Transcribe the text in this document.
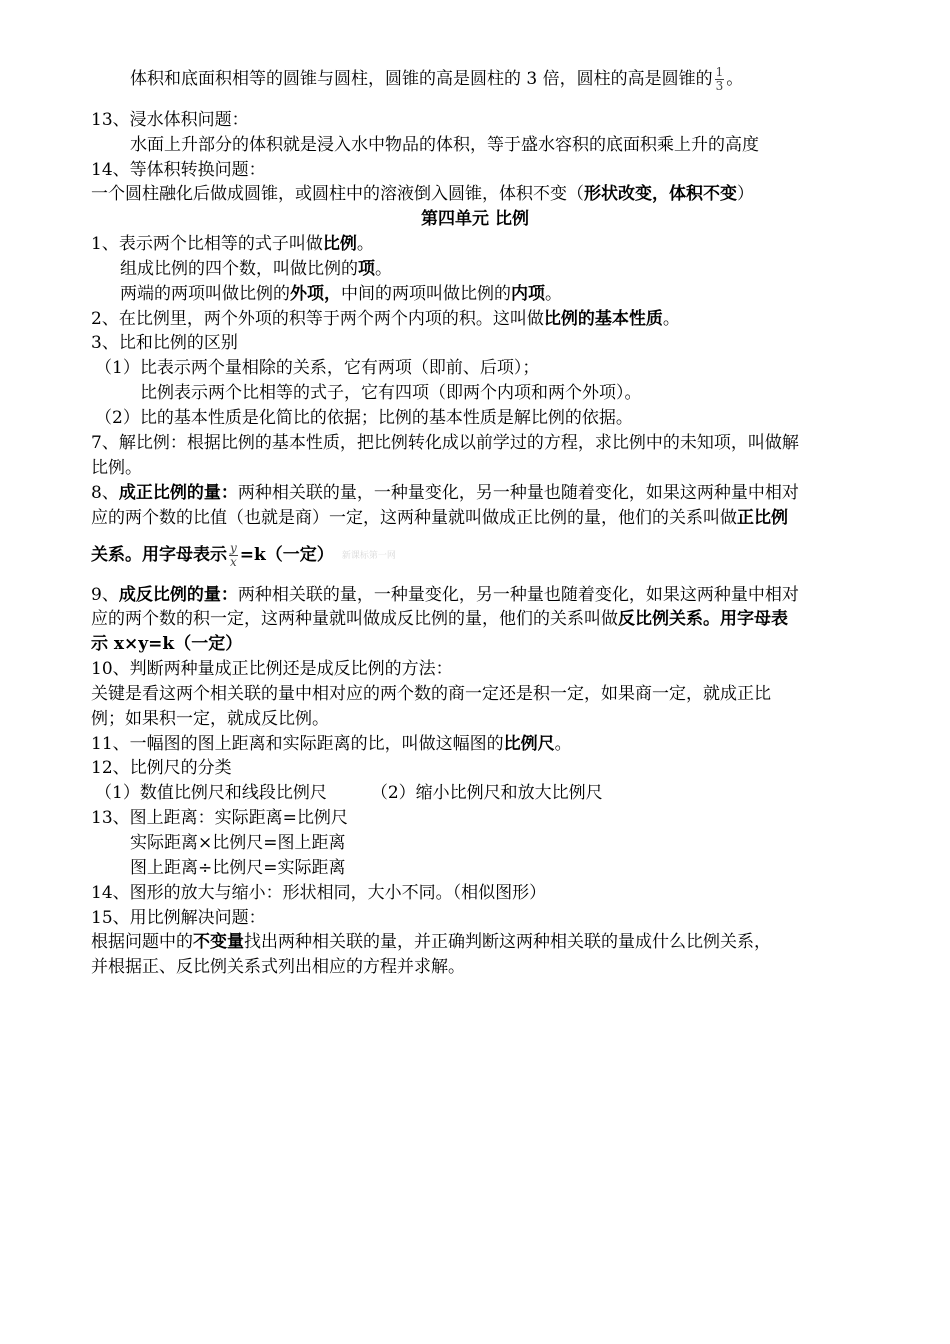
体积和底面积相等的圆锥与圆柱，圆锥的高是圆柱的 3 倍，圆柱的高是圆锥的 $\frac{1}{3}$ 。
13、浸水体积问题：
水面上升部分的体积就是浸入水中物品的体积，等于盛水容积的底面积乘上升的高度
14、等体积转换问题：
一个圆柱融化后做成圆锥，或圆柱中的溶液倒入圆锥，体积不变（形状改变，体积不变）
第四单元 比例
1、表示两个比相等的式子叫做比例。
组成比例的四个数，叫做比例的项。
两端的两项叫做比例的外项，中间的两项叫做比例的内项。
2、在比例里，两个外项的积等于两个两个内项的积。这叫做比例的基本性质。
3、比和比例的区别
（1）比表示两个量相除的关系，它有两项（即前、后项）；
比例表示两个比相等的式子，它有四项（即两个内项和两个外项）。
（2）比的基本性质是化简比的依据；比例的基本性质是解比例的依据。
7、解比例：根据比例的基本性质，把比例转化成以前学过的方程，求比例中的未知项，叫做解
比例。
8、成正比例的量：两种相关联的量，一种量变化，另一种量也随着变化，如果这两种量中相对
应的两个数的比值（也就是商）一定，这两种量就叫做成正比例的量，他们的关系叫做正比例
关系。用字母表示 $\frac{y}{x} =k$（一定） 新课标第一网
9、成反比例的量：两种相关联的量，一种量变化，另一种量也随着变化，如果这两种量中相对
应的两个数的积一定，这两种量就叫做成反比例的量，他们的关系叫做反比例关系。用字母表
示 x×y=k（一定）
10、判断两种量成正比例还是成反比例的方法：
关键是看这两个相关联的量中相对应的两个数的商一定还是积一定，如果商一定，就成正比
例；如果积一定，就成反比例。
11、一幅图的图上距离和实际距离的比，叫做这幅图的比例尺。
12、比例尺的分类
（1）数值比例尺和线段比例尺	（2）缩小比例尺和放大比例尺
13、图上距离：实际距离=比例尺
实际距离×比例尺=图上距离
图上距离÷比例尺=实际距离
14、图形的放大与缩小：形状相同，大小不同。（相似图形）
15、用比例解决问题：
根据问题中的不变量找出两种相关联的量，并正确判断这两种相关联的量成什么比例关系，
并根据正、反比例关系式列出相应的方程并求解。
